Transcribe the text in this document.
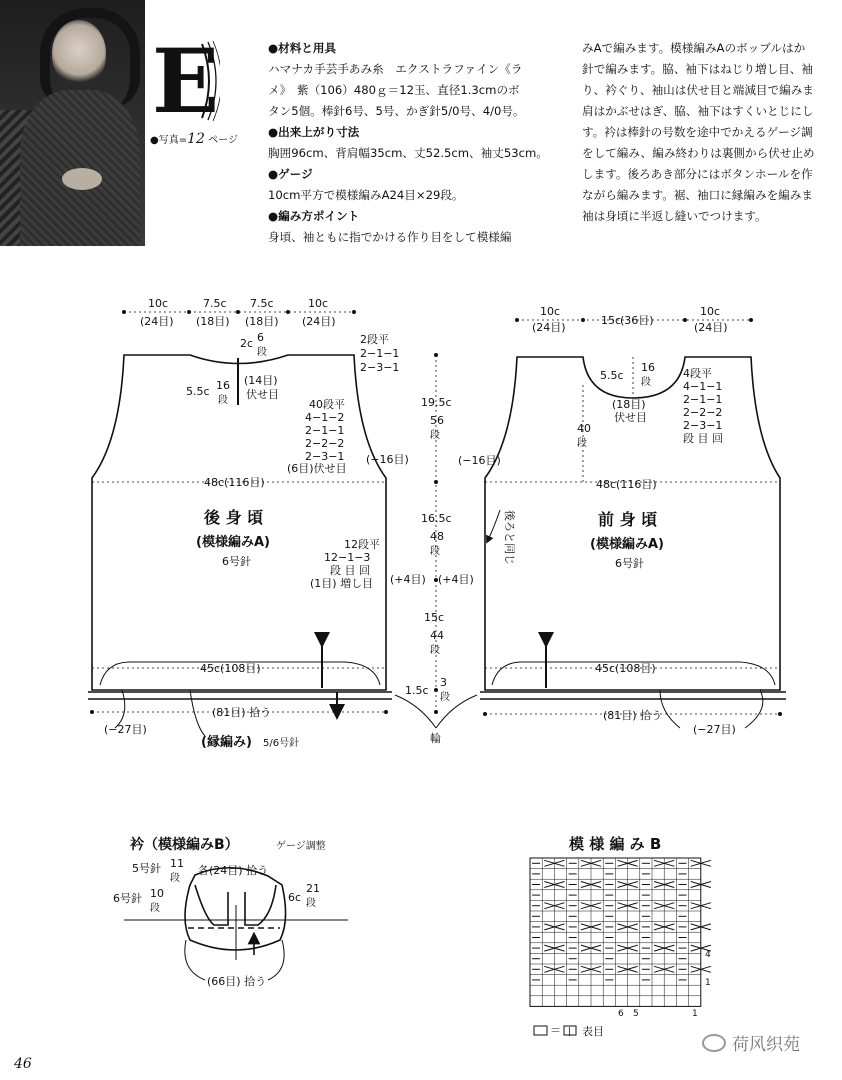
E
●写真=12 ページ

●材料と用具

ハマナカ手芸手あみ糸　エクストラファイン《ラ

メ》　紫（106）480ｇ＝12玉、直径1.3cmのボ

タン5個。棒針6号、5号、かぎ針5/0号、4/0号。

●出来上がり寸法

胸囲96cm、背肩幅35cm、丈52.5cm、袖丈53cm。

●ゲージ

10cm平方で模様編みA24目×29段。

●編み方ポイント

身頃、袖ともに指でかける作り目をして模様編

みAで編みます。模様編みAのボッブルはか

針で編みます。脇、袖下はねじり増し目、袖

り、衿ぐり、袖山は伏せ目と端減目で編みま

肩はかぶせはぎ、脇、袖下はすくいとじにし

す。衿は棒針の号数を途中でかえるゲージ調

をして編み、編み終わりは裏側から伏せ止め

します。後ろあき部分にはボタンホールを作

ながら編みます。裾、袖口に縁編みを編みま

袖は身頃に半返し縫いでつけます。

10c
(24目)
7.5c
(18目)
7.5c
(18目)
10c
(24目)
2c 6
段
5.5c 16
段
(14目)
伏せ目
2段平
2−1−1
2−3−1
40段平
4−1−2
2−1−1
2−2−2
2−3−1
(6目)伏せ目
(−16目)
48c(116目)
後 身 頃
(模様編みA)
6号針
12段平
12−1−3
段 目 回
(1目) 増し目 (+4目)
45c(108目)
19.5c
56
段
16.5c
48
段
15c
44
段
1.5c
3
段
(+4目)
(81目) 拾う
(−27目)
(縁編み) 5/6号針	輪
10c
(24目)
15c
(36目)
10c
(24目)
5.5c
16
段
(18目)
伏せ目
40
段
4段平
4−1−1
2−1−1
2−2−2
2−3−1
段 目 回
(−16目)
48c(116目)
後ろと同じ	前 身 頃
(模様編みA)
6号針
45c(108目)
(81目) 拾う
(−27目)
衿（模様編みB）	ゲージ調整
5号針 11
段
6号針 10
段
各(24目) 拾う
6c
21
段
(66目) 拾う
模 様 編 み B
4
1
6 5	1
＝ | 表目
46
荷风织苑
